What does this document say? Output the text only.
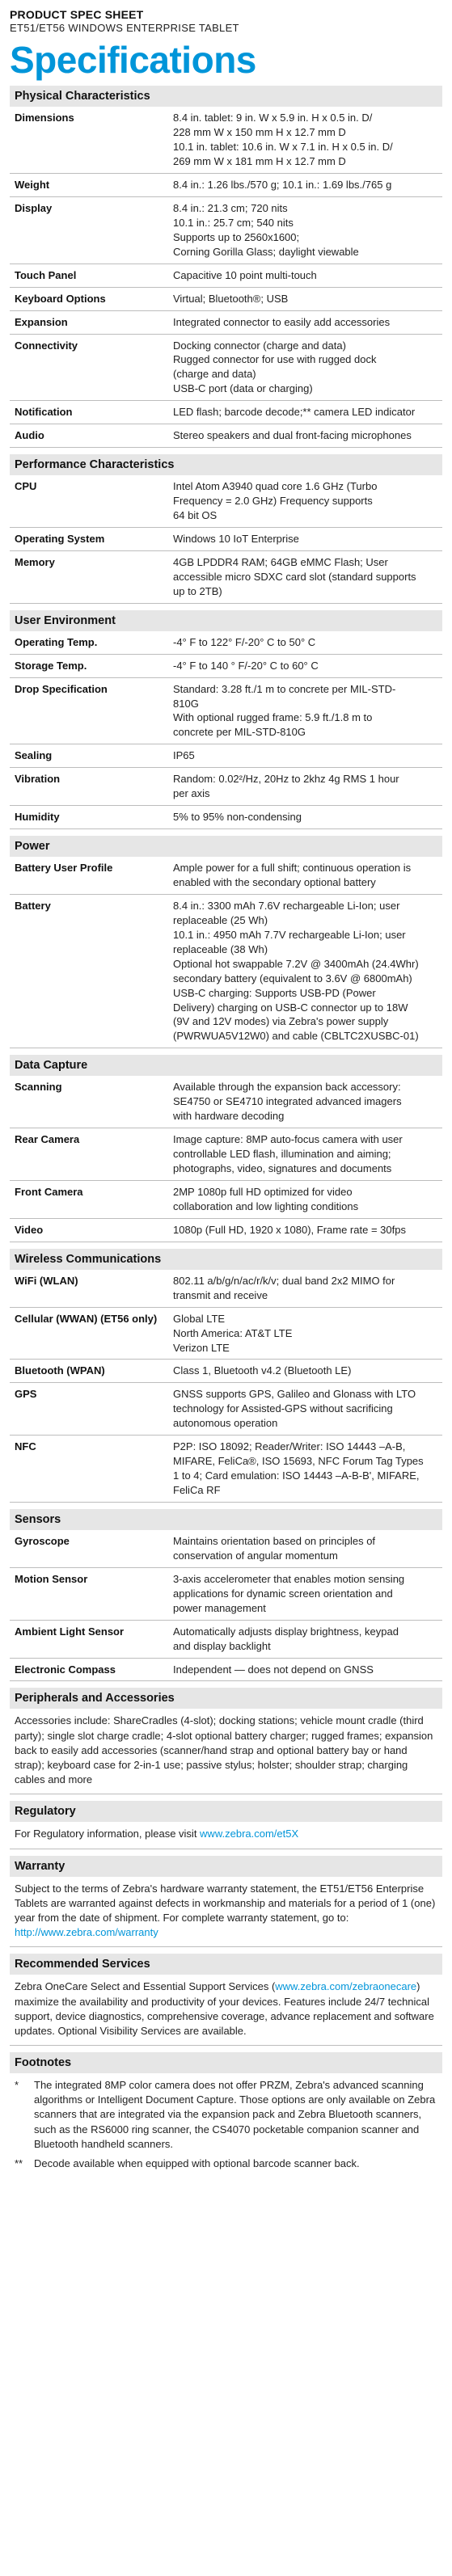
PRODUCT SPEC SHEET
ET51/ET56 WINDOWS ENTERPRISE TABLET
Specifications
Physical Characteristics
Dimensions	8.4 in. tablet: 9 in. W x 5.9 in. H x 0.5 in. D/
228 mm W x 150 mm H x 12.7 mm D
10.1 in. tablet: 10.6 in. W x 7.1 in. H x 0.5 in. D/
269 mm W x 181 mm H x 12.7 mm D
Weight	8.4 in.: 1.26 lbs./570 g; 10.1 in.: 1.69 lbs./765 g
Display	8.4 in.: 21.3 cm; 720 nits
10.1 in.: 25.7 cm; 540 nits
Supports up to 2560x1600;
Corning Gorilla Glass; daylight viewable
Touch Panel	Capacitive 10 point multi-touch
Keyboard Options	Virtual; Bluetooth®; USB
Expansion	Integrated connector to easily add accessories
Connectivity	Docking connector (charge and data)
Rugged connector for use with rugged dock
(charge and data)
USB-C port (data or charging)
Notification	LED flash; barcode decode;** camera LED indicator
Audio	Stereo speakers and dual front-facing microphones
Performance Characteristics
CPU	Intel Atom A3940 quad core 1.6 GHz (Turbo
Frequency = 2.0 GHz) Frequency supports
64 bit OS
Operating System	Windows 10 IoT Enterprise
Memory	4GB LPDDR4 RAM; 64GB eMMC Flash; User
accessible micro SDXC card slot (standard supports
up to 2TB)
User Environment
Operating Temp.	-4° F to 122° F/-20° C to 50° C
Storage Temp.	-4° F to 140 ° F/-20° C to 60° C
Drop Specification	Standard: 3.28 ft./1 m to concrete per MIL-STD-
810G
With optional rugged frame: 5.9 ft./1.8 m to
concrete per MIL-STD-810G
Sealing	IP65
Vibration	Random: 0.02²/Hz, 20Hz to 2khz 4g RMS 1 hour
per axis
Humidity	5% to 95% non-condensing
Power
Battery User Profile	Ample power for a full shift; continuous operation is
enabled with the secondary optional battery
Battery	8.4 in.: 3300 mAh 7.6V rechargeable Li-Ion; user
replaceable (25 Wh)
10.1 in.: 4950 mAh 7.7V rechargeable Li-Ion; user
replaceable (38 Wh)
Optional hot swappable 7.2V @ 3400mAh (24.4Whr)
secondary battery (equivalent to 3.6V @ 6800mAh)
USB-C charging: Supports USB-PD (Power
Delivery) charging on USB-C connector up to 18W
(9V and 12V modes) via Zebra's power supply
(PWRWUA5V12W0) and cable (CBLTC2XUSBC-01)
Data Capture
Scanning	Available through the expansion back accessory:
SE4750 or SE4710 integrated advanced imagers
with hardware decoding
Rear Camera	Image capture: 8MP auto-focus camera with user
controllable LED flash, illumination and aiming;
photographs, video, signatures and documents
Front Camera	2MP 1080p full HD optimized for video
collaboration and low lighting conditions
Video	1080p (Full HD, 1920 x 1080), Frame rate = 30fps
Wireless Communications
WiFi (WLAN)	802.11 a/b/g/n/ac/r/k/v; dual band 2x2 MIMO for
transmit and receive
Cellular (WWAN) (ET56 only)	Global LTE
North America: AT&T LTE
Verizon LTE
Bluetooth (WPAN)	Class 1, Bluetooth v4.2 (Bluetooth LE)
GPS	GNSS supports GPS, Galileo and Glonass with LTO
technology for Assisted-GPS without sacrificing
autonomous operation
NFC	P2P: ISO 18092; Reader/Writer: ISO 14443 –A-B,
MIFARE, FeliCa®, ISO 15693, NFC Forum Tag Types
1 to 4; Card emulation: ISO 14443 –A-B-B', MIFARE,
FeliCa RF
Sensors
Gyroscope	Maintains orientation based on principles of
conservation of angular momentum
Motion Sensor	3-axis accelerometer that enables motion sensing
applications for dynamic screen orientation and
power management
Ambient Light Sensor	Automatically adjusts display brightness, keypad
and display backlight
Electronic Compass	Independent — does not depend on GNSS
Peripherals and Accessories
Accessories include: ShareCradles (4-slot); docking stations; vehicle mount cradle (third party); single slot charge cradle; 4-slot optional battery charger; rugged frames; expansion back to easily add accessories (scanner/hand strap and optional battery bay or hand strap); keyboard case for 2-in-1 use; passive stylus; holster; shoulder strap; charging cables and more
Regulatory
For Regulatory information, please visit www.zebra.com/et5X
Warranty
Subject to the terms of Zebra's hardware warranty statement, the ET51/ET56 Enterprise Tablets are warranted against defects in workmanship and materials for a period of 1 (one) year from the date of shipment. For complete warranty statement, go to: http://www.zebra.com/warranty
Recommended Services
Zebra OneCare Select and Essential Support Services (www.zebra.com/zebraonecare) maximize the availability and productivity of your devices. Features include 24/7 technical support, device diagnostics, comprehensive coverage, advance replacement and software updates. Optional Visibility Services are available.
Footnotes
*	The integrated 8MP color camera does not offer PRZM, Zebra's advanced scanning algorithms or Intelligent Document Capture. Those options are only available on Zebra scanners that are integrated via the expansion pack and Zebra Bluetooth scanners, such as the RS6000 ring scanner, the CS4070 pocketable companion scanner and Bluetooth handheld scanners.
**	Decode available when equipped with optional barcode scanner back.
